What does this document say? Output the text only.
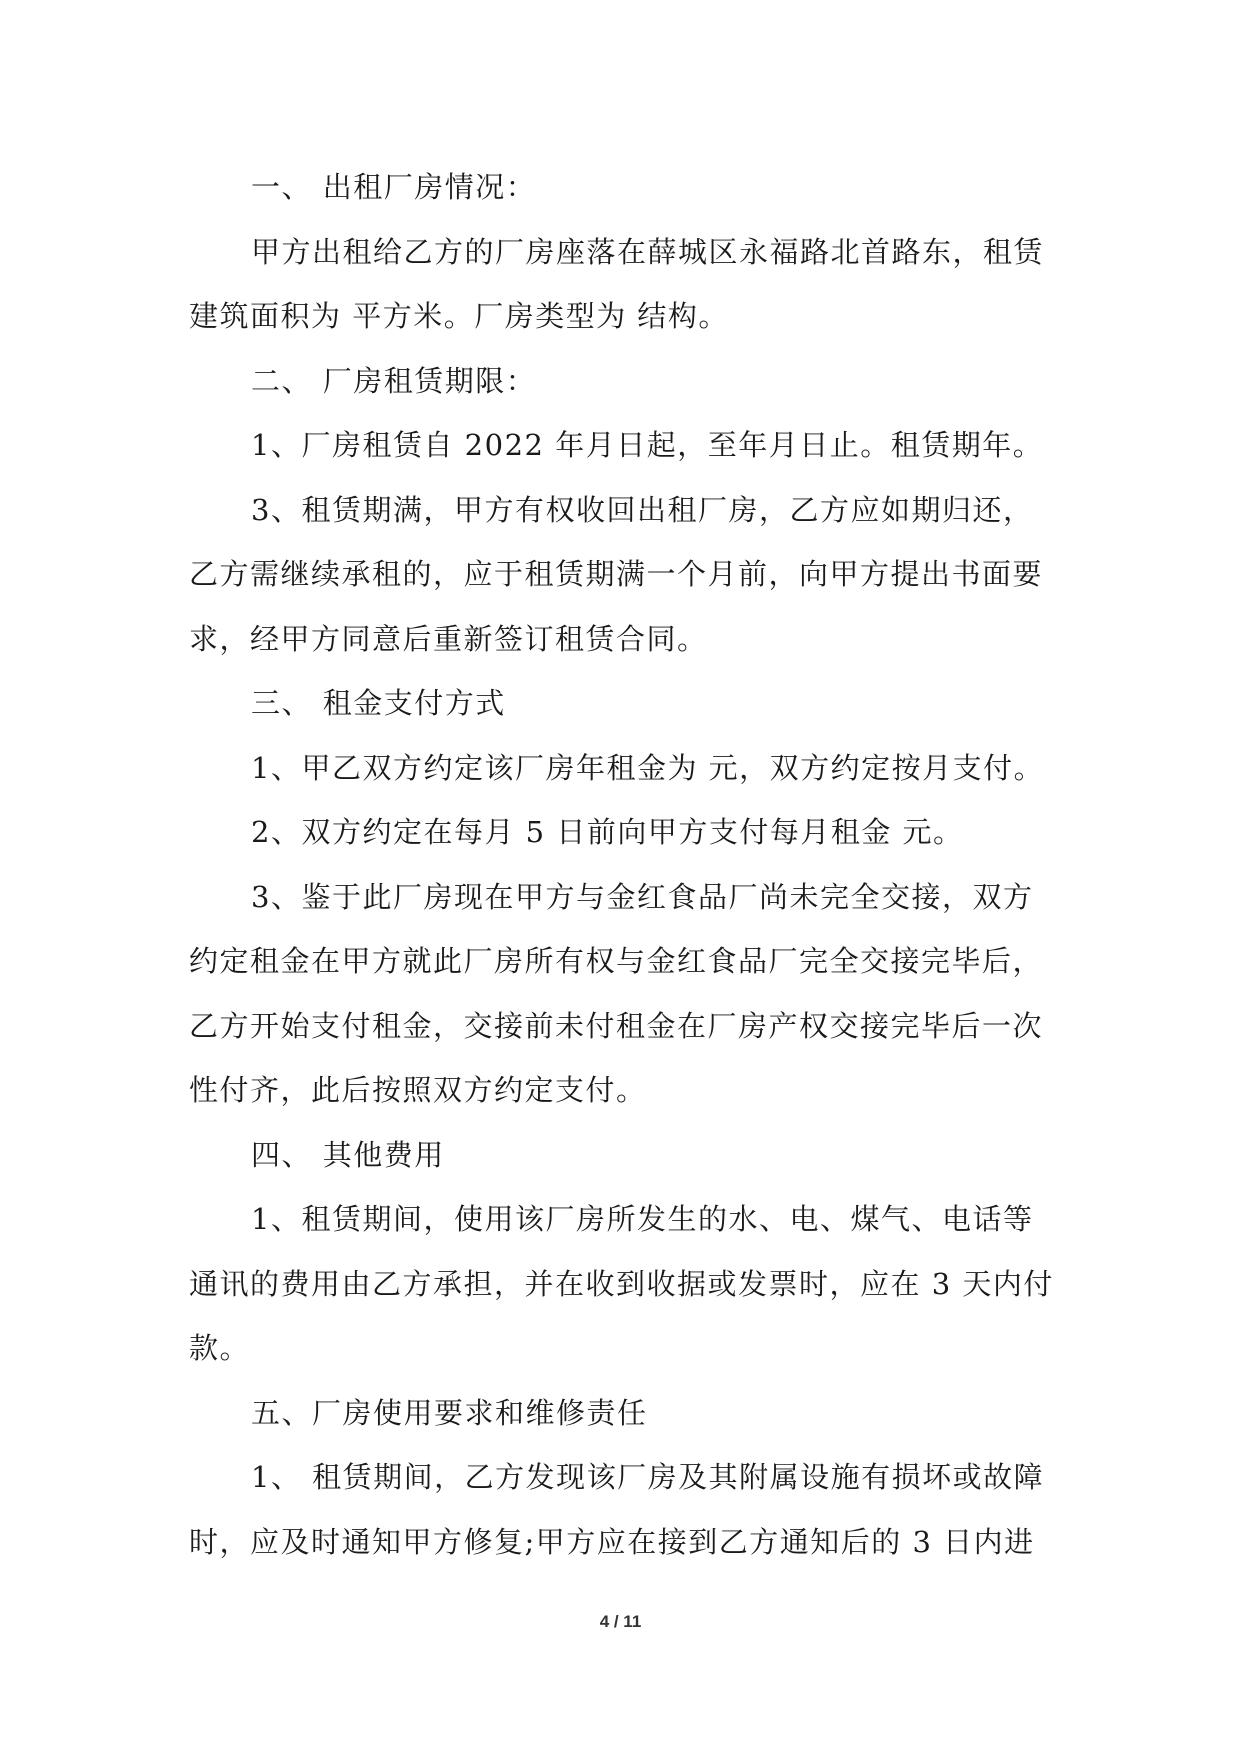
一、 出租厂房情况：
甲方出租给乙方的厂房座落在薛城区永福路北首路东，租赁
建筑面积为 平方米。厂房类型为 结构。
二、 厂房租赁期限：
1、厂房租赁自 2022 年月日起，至年月日止。租赁期年。
3、租赁期满，甲方有权收回出租厂房，乙方应如期归还，
乙方需继续承租的，应于租赁期满一个月前，向甲方提出书面要
求，经甲方同意后重新签订租赁合同。
三、 租金支付方式
1、甲乙双方约定该厂房年租金为 元，双方约定按月支付。
2、双方约定在每月 5 日前向甲方支付每月租金 元。
3、鉴于此厂房现在甲方与金红食品厂尚未完全交接，双方
约定租金在甲方就此厂房所有权与金红食品厂完全交接完毕后，
乙方开始支付租金，交接前未付租金在厂房产权交接完毕后一次
性付齐，此后按照双方约定支付。
四、 其他费用
1、租赁期间，使用该厂房所发生的水、电、煤气、电话等
通讯的费用由乙方承担，并在收到收据或发票时，应在 3 天内付
款。
五、厂房使用要求和维修责任
1、 租赁期间，乙方发现该厂房及其附属设施有损坏或故障
时，应及时通知甲方修复;甲方应在接到乙方通知后的 3 日内进
4 / 11
